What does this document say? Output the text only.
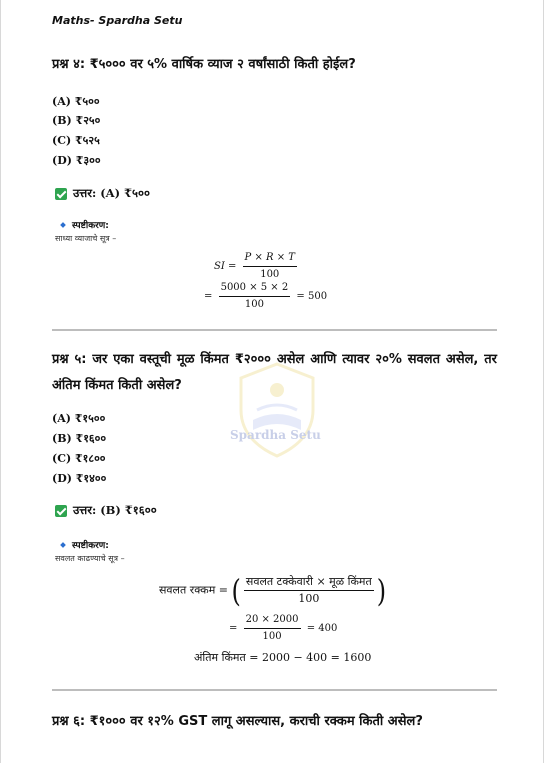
Maths- Spardha Setu
प्रश्न ४: ₹५००० वर ५% वार्षिक व्याज २ वर्षांसाठी किती होईल?
(A) ₹५००
(B) ₹२५०
(C) ₹५२५
(D) ₹३००
उत्तर: (A) ₹५००
स्पष्टीकरण:
साध्या व्याजाचे सूत्र –
SI = $\frac{P \times R \times T}{100}$
= $\frac{5000 \times 5 \times 2}{100} = 500$
Spardha Setu
प्रश्न ५: जर एका वस्तूची मूळ किंमत ₹२००० असेल आणि त्यावर २०% सवलत असेल, तर अंतिम किंमत किती असेल?
(A) ₹१५००
(B) ₹१६००
(C) ₹१८००
(D) ₹१४००
उत्तर: (B) ₹१६००
स्पष्टीकरण:
सवलत काढण्याचे सूत्र –
सवलत रक्कम = ( $\frac{\text{सवलत टक्केवारी × मूळ किंमत}}{100}$ )
= $\frac{20 \times 2000}{100} = 400$
अंतिम किंमत = 2000 − 400 = 1600
प्रश्न ६: ₹१००० वर १२% GST लागू असल्यास, कराची रक्कम किती असेल?
